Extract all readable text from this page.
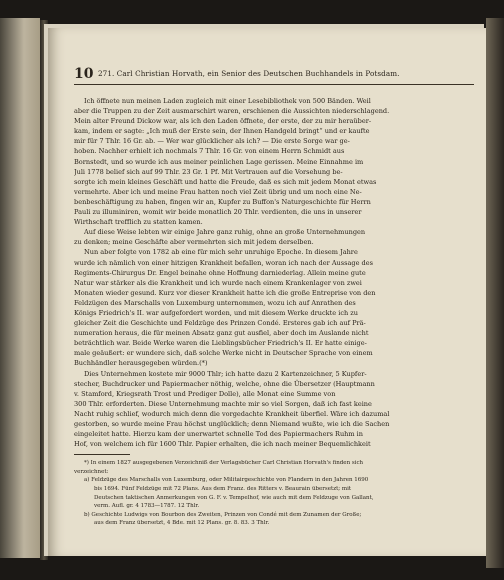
10 271. Carl Christian Horvath, ein Senior des Deutschen Buchhandels in Potsdam.
Ich öffnete nun meinen Laden zugleich mit einer Lesebibliothek von 500 Bänden. Weil
aber die Truppen zu der Zeit ausmarschirt waren, erschienen die Aussichten niederschlagend.
Mein alter Freund Dickow war, als ich den Laden öffnete, der erste, der zu mir heraüber-
kam, indem er sagte: „Ich muß der Erste sein, der Ihnen Handgeld bringt“ und er kaufte
mir für 7 Thlr. 16 Gr. ab. — Wer war glücklicher als ich? — Die erste Sorge war ge-
hoben. Nachher erhielt ich nochmals 7 Thlr. 16 Gr. von einem Herrn Schmidt aus
Bornstedt, und so wurde ich aus meiner peinlichen Lage gerissen. Meine Einnahme im
Juli 1778 belief sich auf 99 Thlr. 23 Gr. 1 Pf. Mit Vertrauen auf die Vorsehung be-
sorgte ich mein kleines Geschäft und hatte die Freude, daß es sich mit jedem Monat etwas
vermehrte. Aber ich und meine Frau hatten noch viel Zeit übrig und um noch eine Ne-
benbeschäftigung zu haben, fingen wir an, Kupfer zu Buffon's Naturgeschichte für Herrn
Pauli zu illuminiren, womit wir beide monatlich 20 Thlr. verdienten, die uns in unserer
Wirthschaft trefflich zu statten kamen.
Auf diese Weise lebten wir einige Jahre ganz ruhig, ohne an große Unternehmungen
zu denken; meine Geschäfte aber vermehrten sich mit jedem derselben.
Nun aber folgte von 1782 ab eine für mich sehr unruhige Epoche. In diesem Jahre
wurde ich nämlich von einer hitzigen Krankheit befallen, woran ich nach der Aussage des
Regiments-Chirurgus Dr. Engel beinahe ohne Hoffnung darniederlag. Allein meine gute
Natur war stärker als die Krankheit und ich wurde nach einem Krankenlager von zwei
Monaten wieder gesund. Kurz vor dieser Krankheit hatte ich die große Entreprise von den
Feldzügen des Marschalls von Luxemburg unternommen, wozu ich auf Anrathen des
Königs Friedrich's II. war aufgefordert worden, und mit diesem Werke druckte ich zu
gleicher Zeit die Geschichte und Feldzüge des Prinzen Condé. Ersteres gab ich auf Prä-
numeration heraus, die für meinen Absatz ganz gut ausfiel, aber doch im Auslande nicht
beträchtlich war. Beide Werke waren die Lieblingsbücher Friedrich's II. Er hatte einige-
male geäußert: er wundere sich, daß solche Werke nicht in Deutscher Sprache von einem
Buchhändler herausgegeben würden.(*)
Dies Unternehmen kostete mir 9000 Thlr; ich hatte dazu 2 Kartenzeichner, 5 Kupfer-
stecher, Buchdrucker und Papiermacher nöthig, welche, ohne die Übersetzer (Hauptmann
v. Stamford, Kriegsrath Trost und Prediger Dolle), alle Monat eine Summe von
300 Thlr. erforderten. Diese Unternehmung machte mir so viel Sorgen, daß ich fast keine
Nacht ruhig schlief, wodurch mich denn die vorgedachte Krankheit überfiel. Wäre ich dazumal
gestorben, so wurde meine Frau höchst unglücklich; denn Niemand wußte, wie ich die Sachen
eingeleitet hatte. Hierzu kam der unerwartet schnelle Tod des Papiermachers Ruhm in
Hof, von welchem ich für 1600 Thlr. Papier erhalten, die ich nach meiner Bequemlichkeit
*) In einem 1827 ausgegebenen Verzeichniß der Verlagsbücher Carl Christian Horvath's finden sich
verzeichnet:
a) Feldzüge des Marschalls von Luxemburg, oder Militairgeschichte von Flandern in den Jahren 1690
bis 1694. Fünf Feldzüge mit 72 Plans. Aus dem Franz. des Ritters v. Beaurain übersetzt; mit
Deutschen taktischen Anmerkungen von G. F. v. Tempelhof, wie auch mit dem Feldzuge von Gallant,
verm. Aufl. gr. 4 1783—1787. 12 Thlr.
b) Geschichte Ludwigs von Bourbon des Zweiten, Prinzen von Condé mit dem Zunamen der Große;
aus dem Franz übersetzt, 4 Bde. mit 12 Plans. gr. 8. 83. 3 Thlr.
